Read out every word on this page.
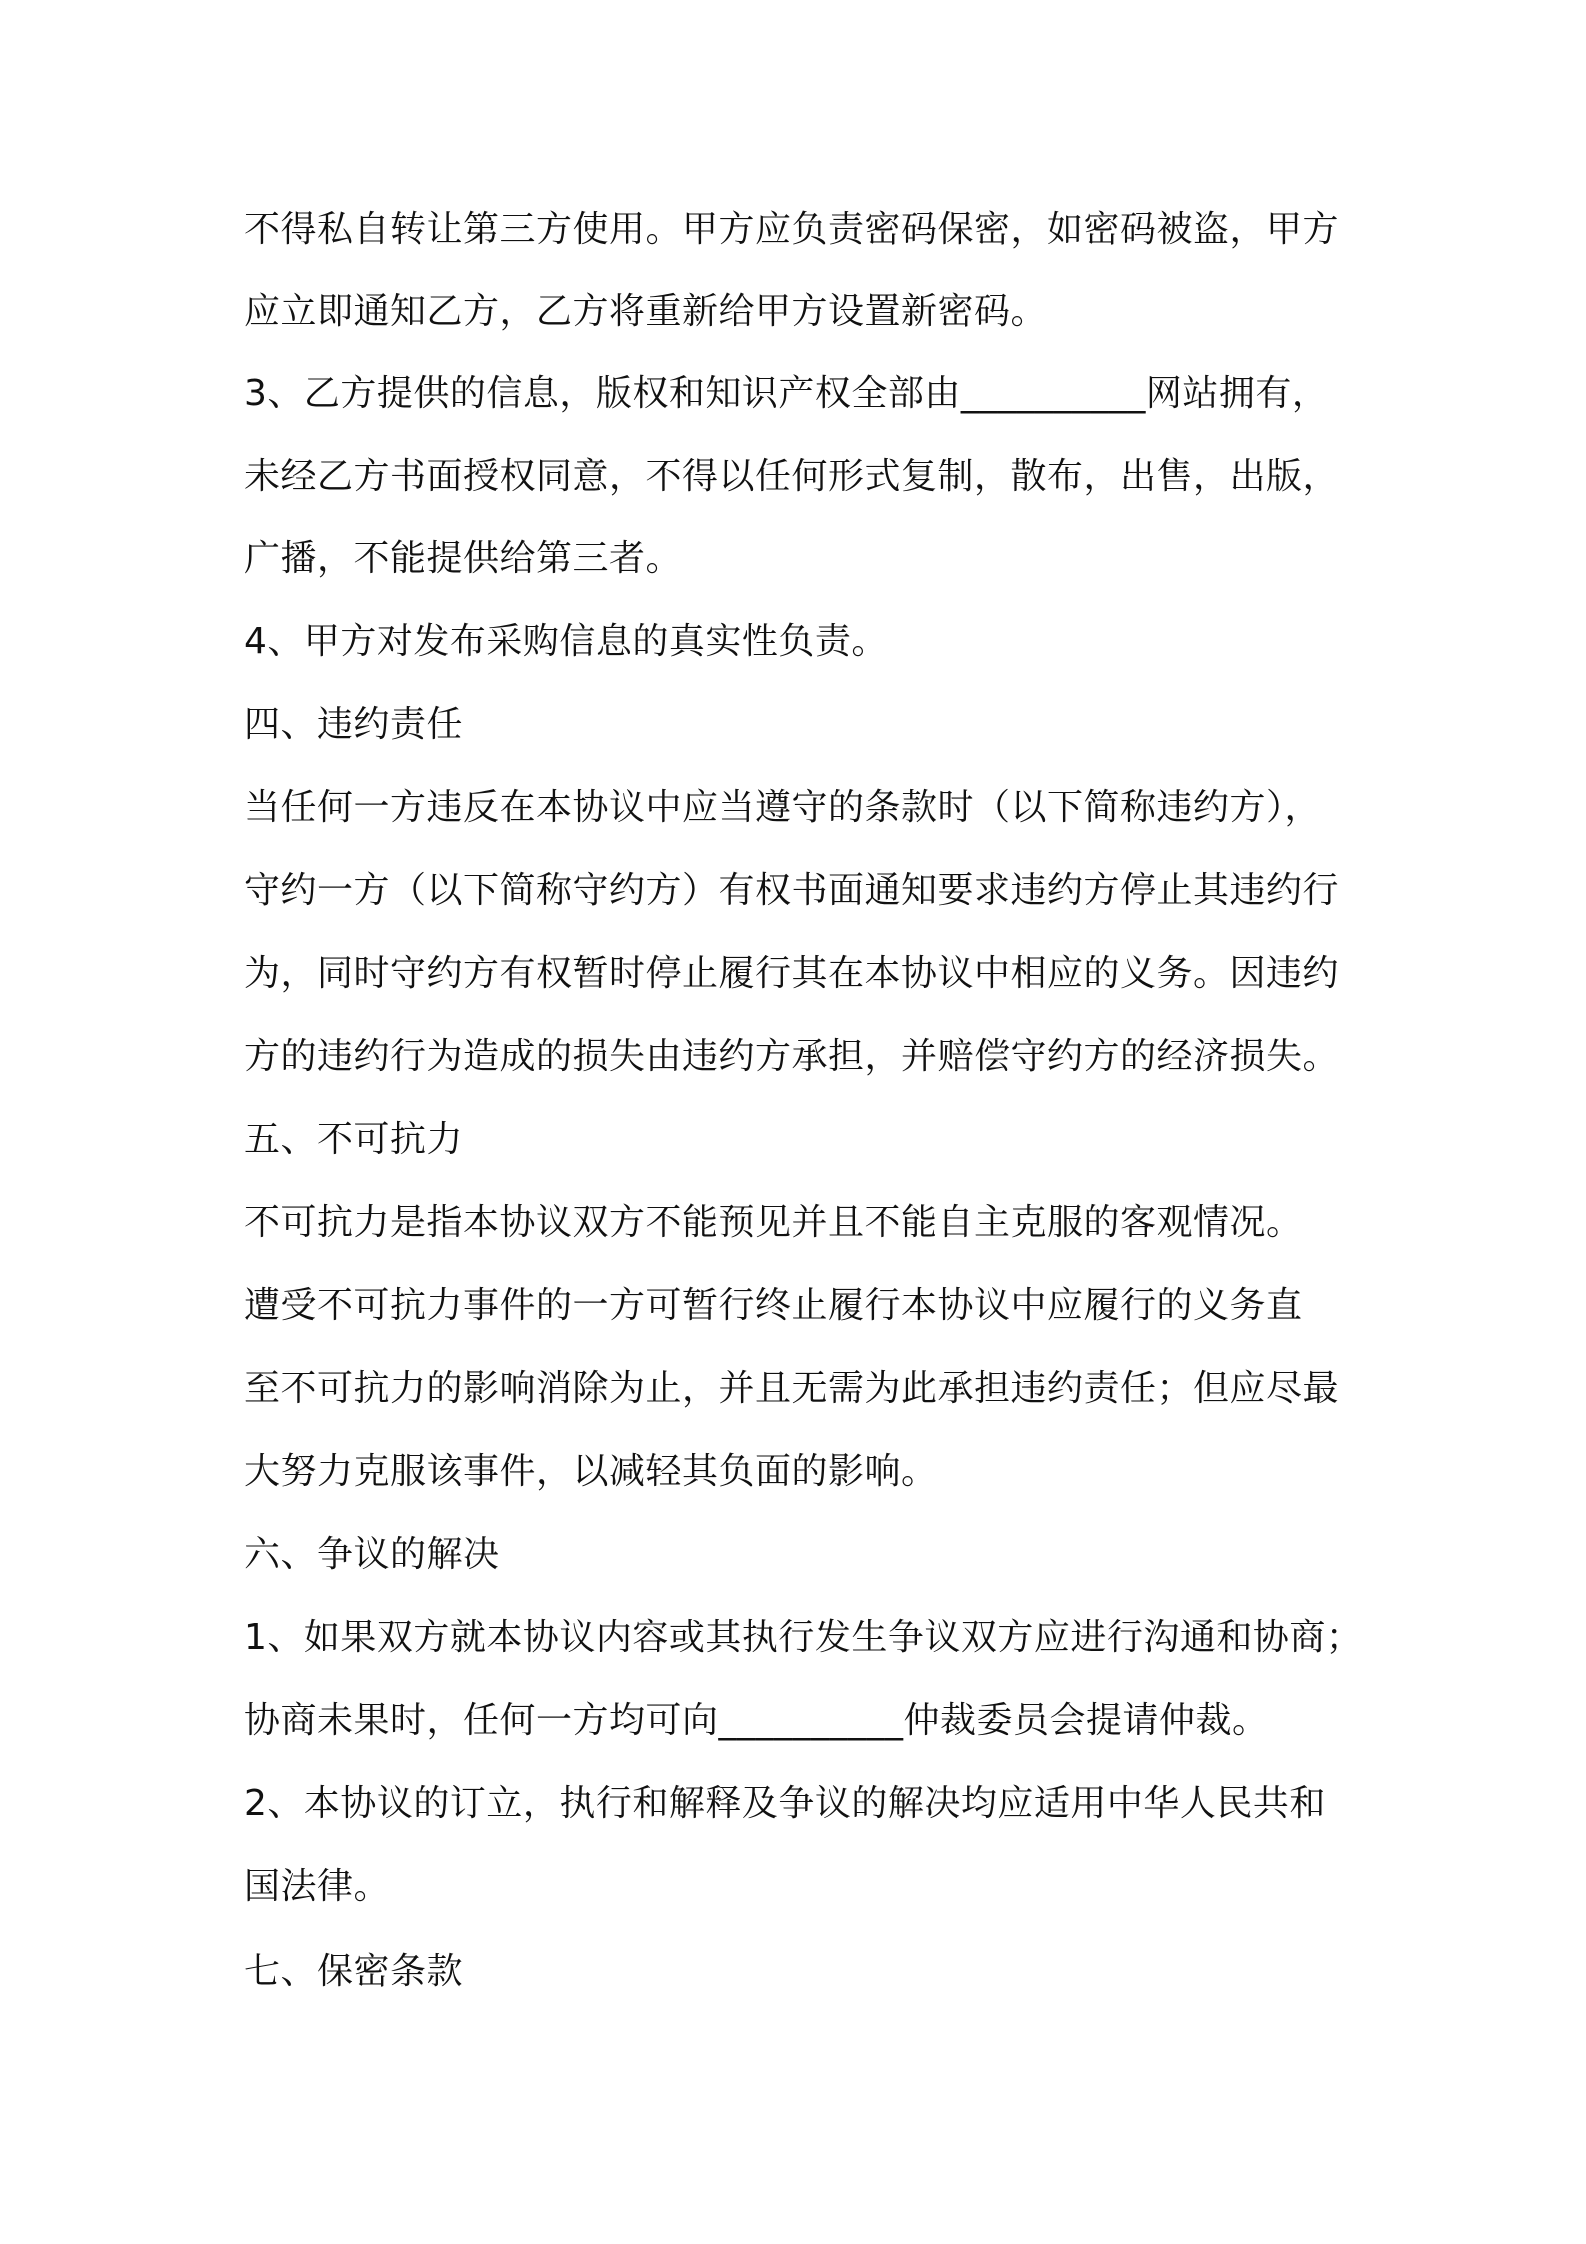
不得私自转让第三方使用。甲方应负责密码保密，如密码被盗，甲方
应立即通知乙方，乙方将重新给甲方设置新密码。
3、乙方提供的信息，版权和知识产权全部由__________网站拥有，
未经乙方书面授权同意，不得以任何形式复制，散布，出售，出版，
广播，不能提供给第三者。
4、甲方对发布采购信息的真实性负责。
四、违约责任
当任何一方违反在本协议中应当遵守的条款时（以下简称违约方），
守约一方（以下简称守约方）有权书面通知要求违约方停止其违约行
为，同时守约方有权暂时停止履行其在本协议中相应的义务。因违约
方的违约行为造成的损失由违约方承担，并赔偿守约方的经济损失。
五、不可抗力
不可抗力是指本协议双方不能预见并且不能自主克服的客观情况。
遭受不可抗力事件的一方可暂行终止履行本协议中应履行的义务直
至不可抗力的影响消除为止，并且无需为此承担违约责任；但应尽最
大努力克服该事件，以减轻其负面的影响。
六、争议的解决
1、如果双方就本协议内容或其执行发生争议双方应进行沟通和协商；
协商未果时，任何一方均可向__________仲裁委员会提请仲裁。
2、本协议的订立，执行和解释及争议的解决均应适用中华人民共和
国法律。
七、保密条款
